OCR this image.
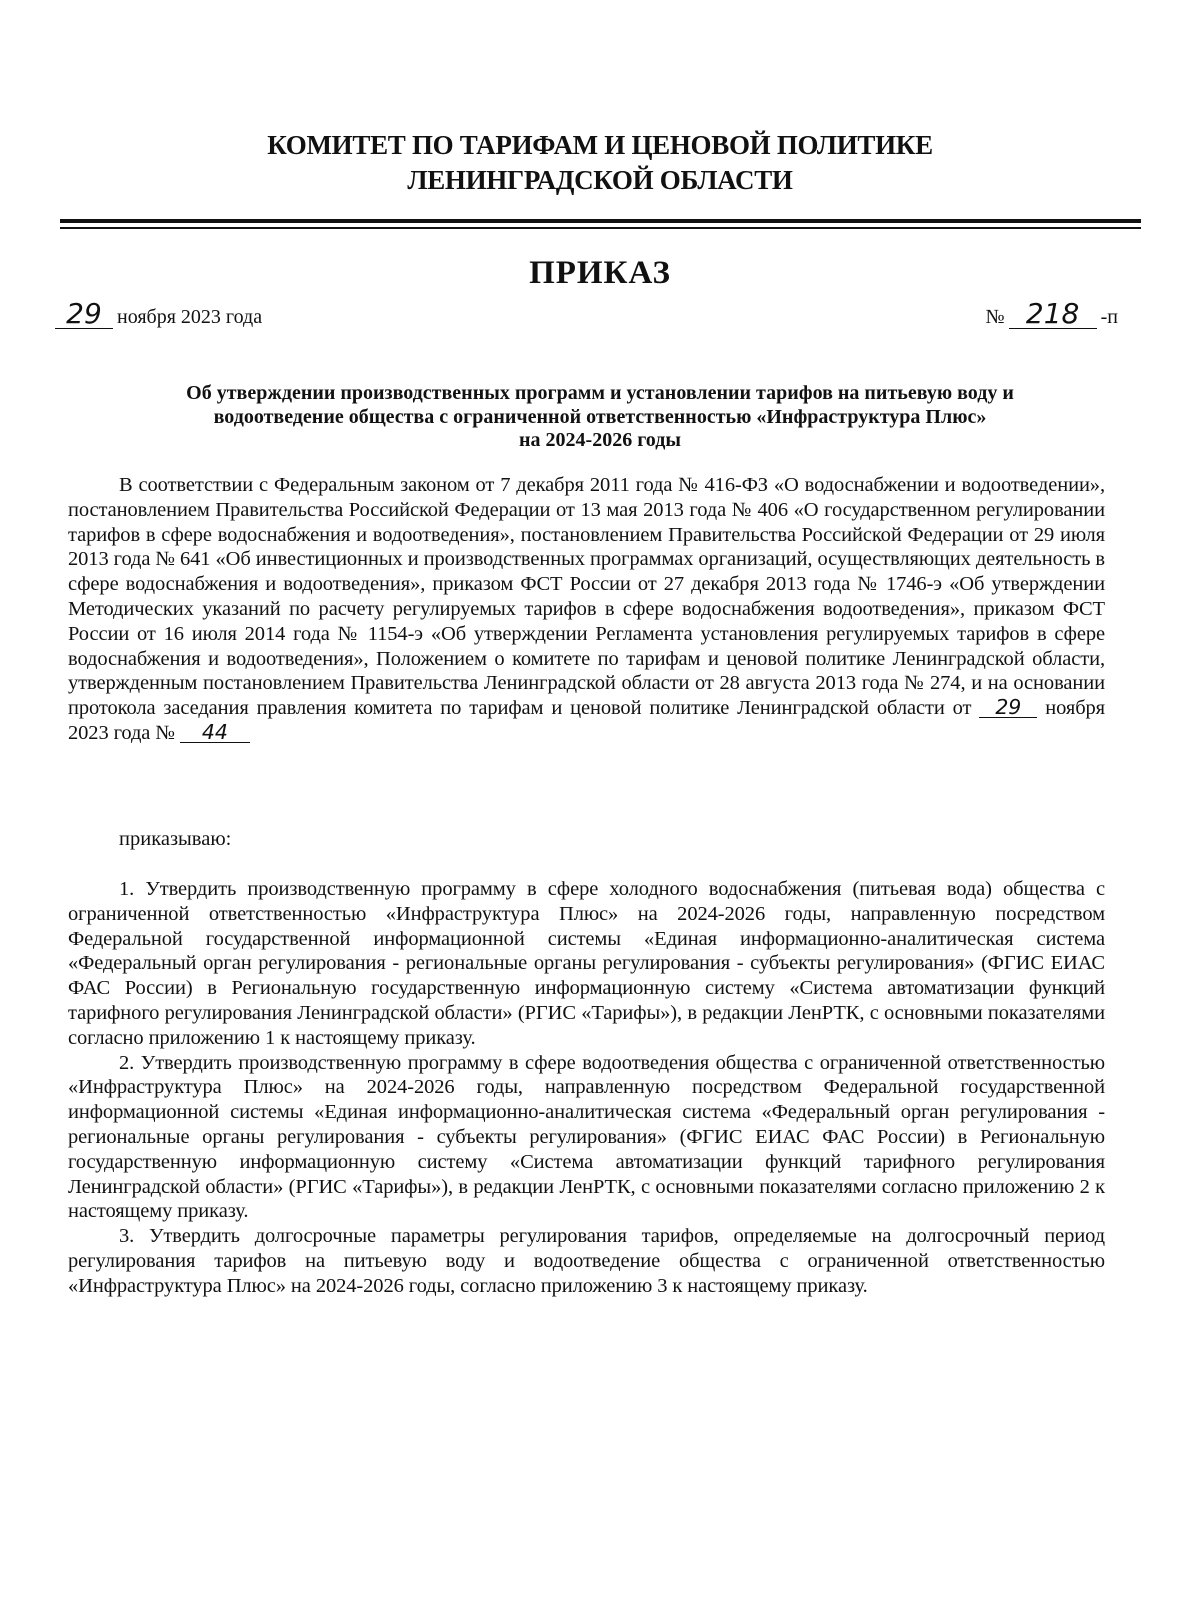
КОМИТЕТ ПО ТАРИФАМ И ЦЕНОВОЙ ПОЛИТИКЕ
ЛЕНИНГРАДСКОЙ ОБЛАСТИ
ПРИКАЗ
29 ноября 2023 года	№ 218	-п
Об утверждении производственных программ и установлении тарифов на питьевую воду и
водоотведение общества с ограниченной ответственностью «Инфраструктура Плюс»
на 2024-2026 годы
В соответствии с Федеральным законом от 7 декабря 2011 года № 416-ФЗ «О водоснабжении и водоотведении», постановлением Правительства Российской Федерации от 13 мая 2013 года № 406 «О государственном регулировании тарифов в сфере водоснабжения и водоотведения», постановлением Правительства Российской Федерации от 29 июля 2013 года № 641 «Об инвестиционных и производственных программах организаций, осуществляющих деятельность в сфере водоснабжения и водоотведения», приказом ФСТ России от 27 декабря 2013 года № 1746-э «Об утверждении Методических указаний по расчету регулируемых тарифов в сфере водоснабжения водоотведения», приказом ФСТ России от 16 июля 2014 года № 1154-э «Об утверждении Регламента установления регулируемых тарифов в сфере водоснабжения и водоотведения», Положением о комитете по тарифам и ценовой политике Ленинградской области, утвержденным постановлением Правительства Ленинградской области от 28 августа 2013 года № 274, и на основании протокола заседания правления комитета по тарифам и ценовой политике Ленинградской области от 29 ноября 2023 года № 44
приказываю:

1. Утвердить производственную программу в сфере холодного водоснабжения (питьевая вода) общества с ограниченной ответственностью «Инфраструктура Плюс» на 2024-2026 годы, направленную посредством Федеральной государственной информационной системы «Единая информационно-аналитическая система «Федеральный орган регулирования - региональные органы регулирования - субъекты регулирования» (ФГИС ЕИАС ФАС России) в Региональную государственную информационную систему «Система автоматизации функций тарифного регулирования Ленинградской области» (РГИС «Тарифы»), в редакции ЛенРТК, с основными показателями согласно приложению 1 к настоящему приказу.

2. Утвердить производственную программу в сфере водоотведения общества с ограниченной ответственностью «Инфраструктура Плюс» на 2024-2026 годы, направленную посредством Федеральной государственной информационной системы «Единая информационно-аналитическая система «Федеральный орган регулирования - региональные органы регулирования - субъекты регулирования» (ФГИС ЕИАС ФАС России) в Региональную государственную информационную систему «Система автоматизации функций тарифного регулирования Ленинградской области» (РГИС «Тарифы»), в редакции ЛенРТК, с основными показателями согласно приложению 2 к настоящему приказу.

3. Утвердить долгосрочные параметры регулирования тарифов, определяемые на долгосрочный период регулирования тарифов на питьевую воду и водоотведение общества с ограниченной ответственностью «Инфраструктура Плюс» на 2024-2026 годы, согласно приложению 3 к настоящему приказу.
